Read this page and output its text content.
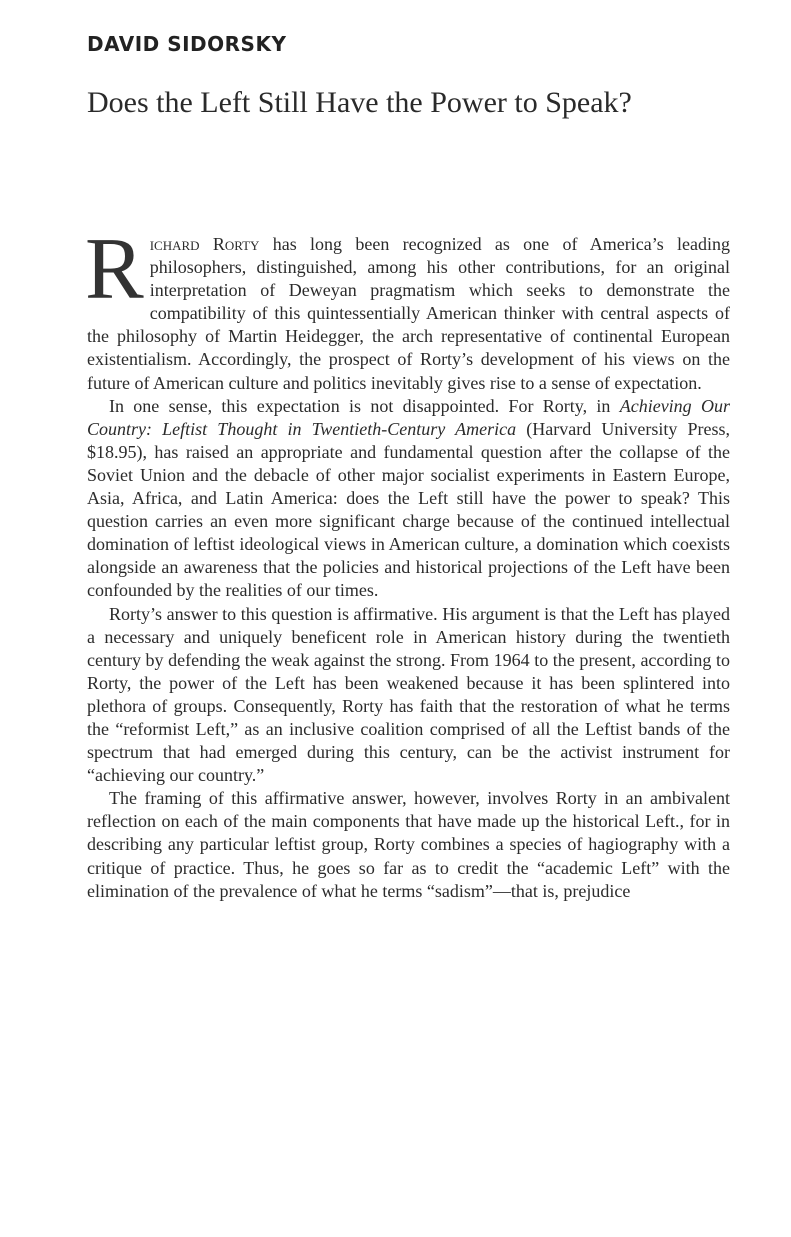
DAVID SIDORSKY
Does the Left Still Have the Power to Speak?

Richard Rorty has long been recognized as one of America’s leading philosophers, distinguished, among his other contributions, for an original interpretation of Deweyan pragmatism which seeks to demonstrate the compatibility of this quintessentially American thinker with central aspects of the philosophy of Martin Heidegger, the arch representative of continental European existentialism. Accordingly, the prospect of Rorty’s development of his views on the future of American culture and politics inevitably gives rise to a sense of expectation.

In one sense, this expectation is not disappointed. For Rorty, in Achieving Our Country: Leftist Thought in Twentieth-Century America (Harvard University Press, $18.95), has raised an appropriate and fundamental question after the collapse of the Soviet Union and the debacle of other major socialist experiments in Eastern Europe, Asia, Africa, and Latin America: does the Left still have the power to speak? This question carries an even more significant charge because of the continued intellectual domination of leftist ideological views in American culture, a domination which coexists alongside an awareness that the policies and historical projections of the Left have been confounded by the realities of our times.

Rorty’s answer to this question is affirmative. His argument is that the Left has played a necessary and uniquely beneficent role in American history during the twentieth century by defending the weak against the strong. From 1964 to the present, according to Rorty, the power of the Left has been weakened because it has been splintered into plethora of groups. Consequently, Rorty has faith that the restoration of what he terms the “reformist Left,” as an inclusive coalition comprised of all the Leftist bands of the spectrum that had emerged during this century, can be the activist instrument for “achieving our country.”

The framing of this affirmative answer, however, involves Rorty in an ambivalent reflection on each of the main components that have made up the historical Left., for in describing any particular leftist group, Rorty combines a species of hagiography with a critique of practice. Thus, he goes so far as to credit the “academic Left” with the elimination of the prevalence of what he terms “sadism”—that is, prejudice
